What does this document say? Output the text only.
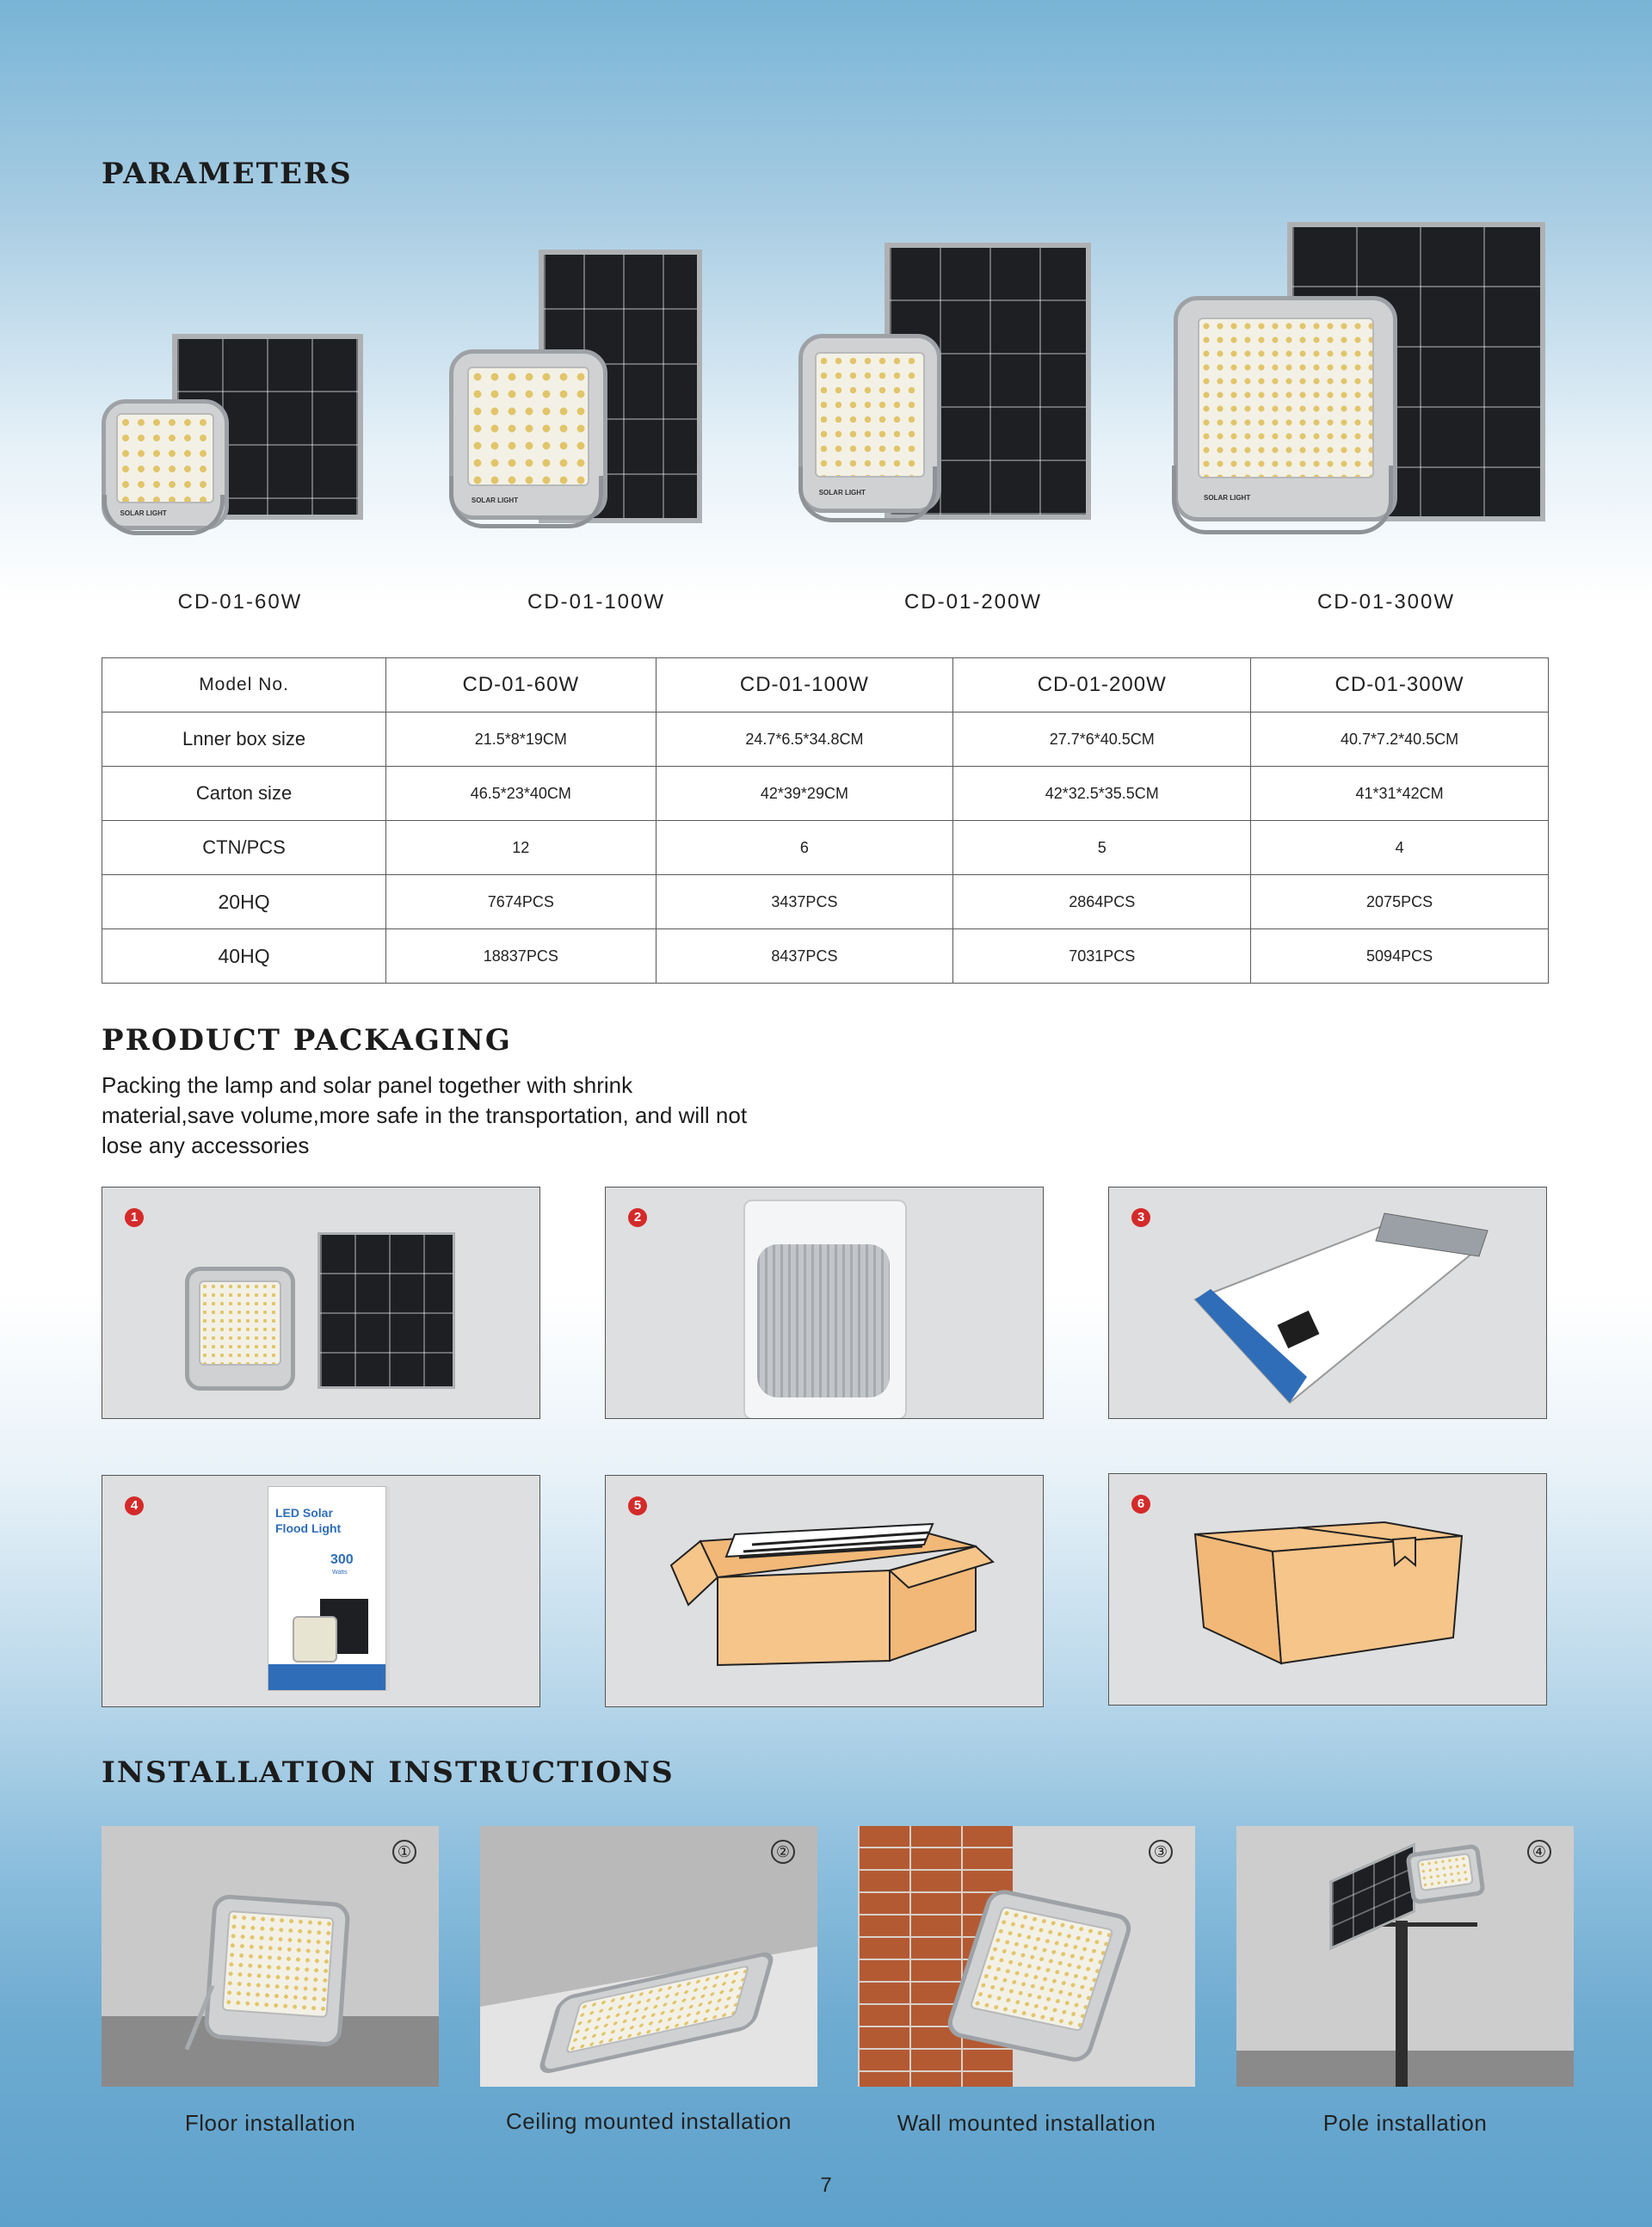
PARAMETERS
SOLAR LIGHT
SOLAR LIGHT
SOLAR LIGHT
SOLAR LIGHT
CD-01-60W	CD-01-100W	CD-01-200W	CD-01-300W
Model No.	CD-01-60W	CD-01-100W	CD-01-200W	CD-01-300W
Lnner box size	21.5*8*19CM	24.7*6.5*34.8CM	27.7*6*40.5CM	40.7*7.2*40.5CM
Carton size	46.5*23*40CM	42*39*29CM	42*32.5*35.5CM	41*31*42CM
CTN/PCS	12	6	5	4
20HQ	7674PCS	3437PCS	2864PCS	2075PCS
40HQ	18837PCS	8437PCS	7031PCS	5094PCS
PRODUCT PACKAGING

Packing the lamp and solar panel together with shrink material,save volume,more safe in the transportation, and will not lose any accessories

1	2	3
4	LED Solar
Flood Light
300
Watts
5	6
INSTALLATION INSTRUCTIONS
①	②	③	④
Floor installation	Ceiling mounted installation	Wall mounted installation	Pole installation
7
